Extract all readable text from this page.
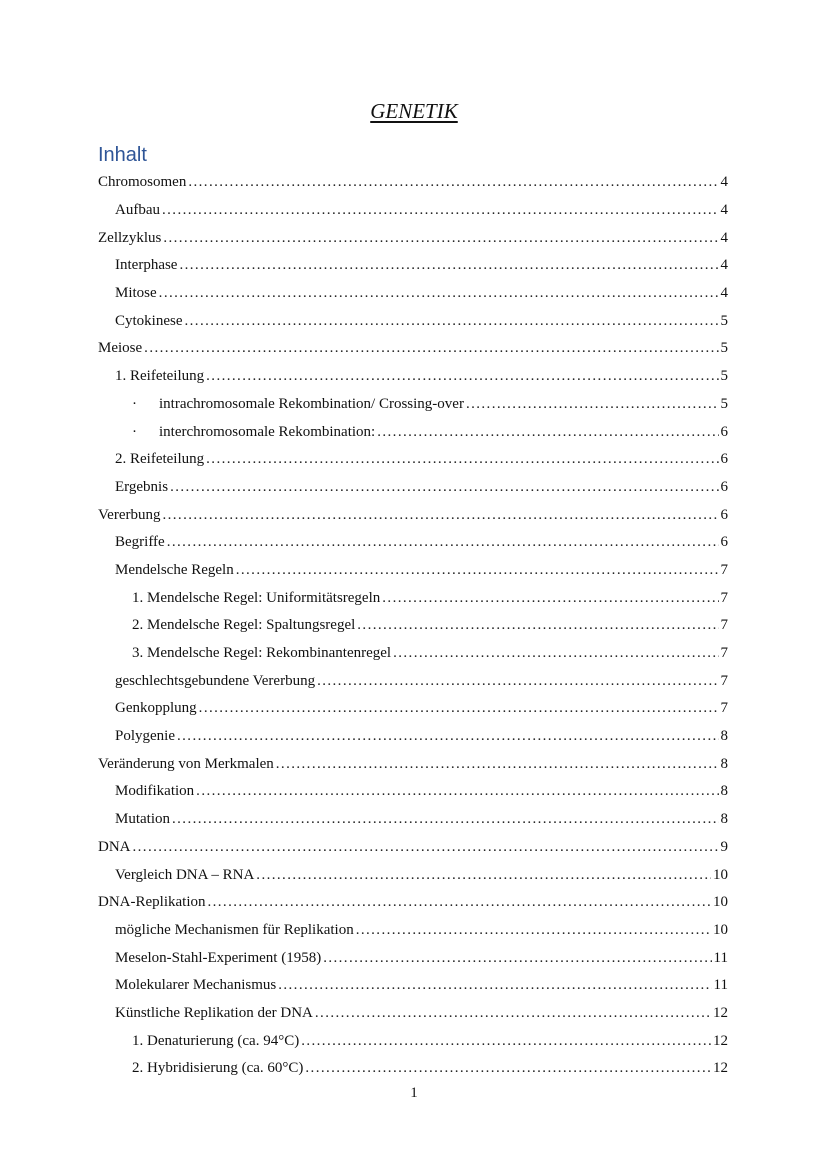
GENETIK
Inhalt
Chromosomen .....	4
Aufbau .....	4
Zellzyklus .....	4
Interphase .....	4
Mitose .....	4
Cytokinese .....	5
Meiose .....	5
1. Reifeteilung .....	5
·	intrachromosomale Rekombination/ Crossing-over .....	5
·	interchromosomale Rekombination: .....	6
2. Reifeteilung .....	6
Ergebnis .....	6
Vererbung .....	6
Begriffe .....	6
Mendelsche Regeln .....	7
1. Mendelsche Regel: Uniformitätsregeln .....	7
2. Mendelsche Regel: Spaltungsregel .....	7
3. Mendelsche Regel: Rekombinantenregel .....	7
geschlechtsgebundene Vererbung .....	7
Genkopplung .....	7
Polygenie .....	8
Veränderung von Merkmalen .....	8
Modifikation .....	8
Mutation .....	8
DNA .....	9
Vergleich DNA – RNA .....	10
DNA-Replikation .....	10
mögliche Mechanismen für Replikation .....	10
Meselon-Stahl-Experiment (1958) .....	11
Molekularer Mechanismus .....	11
Künstliche Replikation der DNA .....	12
1. Denaturierung (ca. 94°C) .....	12
2. Hybridisierung (ca. 60°C) .....	12
1
